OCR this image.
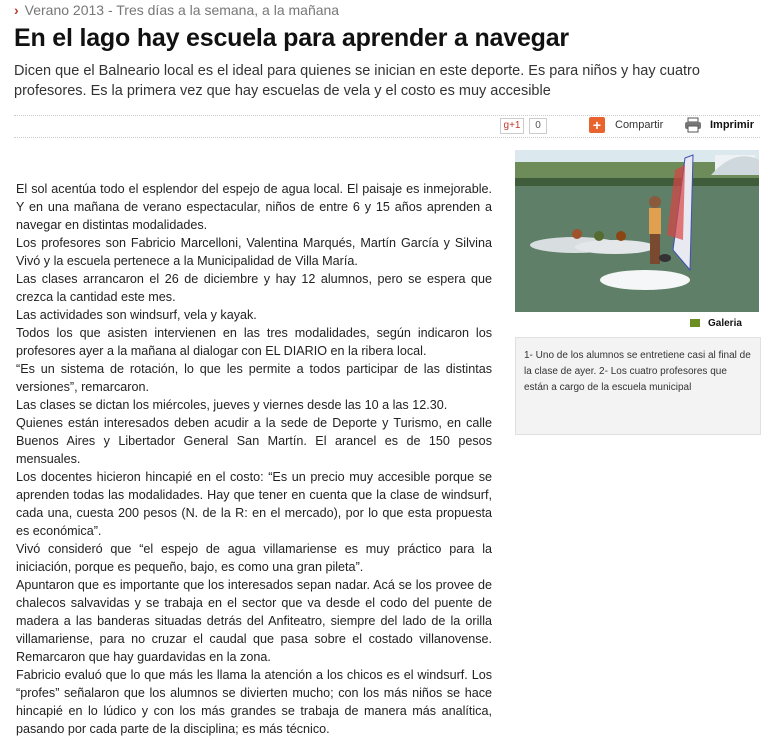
› Verano 2013 - Tres días a la semana, a la mañana
En el lago hay escuela para aprender a navegar
Dicen que el Balneario local es el ideal para quienes se inician en este deporte. Es para niños y hay cuatro profesores. Es la primera vez que hay escuelas de vela y el costo es muy accesible
g+1	0	+	Compartir	Imprimir

El sol acentúa todo el esplendor del espejo de agua local. El paisaje es inmejorable. Y en una mañana de verano espectacular, niños de entre 6 y 15 años aprenden a navegar en distintas modalidades.

Los profesores son Fabricio Marcelloni, Valentina Marqués, Martín García y Silvina Vivó y la escuela pertenece a la Municipalidad de Villa María.

Las clases arrancaron el 26 de diciembre y hay 12 alumnos, pero se espera que crezca la cantidad este mes.

Las actividades son windsurf, vela y kayak.

Todos los que asisten intervienen en las tres modalidades, según indicaron los profesores ayer a la mañana al dialogar con EL DIARIO en la ribera local.

“Es un sistema de rotación, lo que les permite a todos participar de las distintas versiones”, remarcaron.

Las clases se dictan los miércoles, jueves y viernes desde las 10 a las 12.30.

Quienes están interesados deben acudir a la sede de Deporte y Turismo, en calle Buenos Aires y Libertador General San Martín. El arancel es de 150 pesos mensuales.

Los docentes hicieron hincapié en el costo: “Es un precio muy accesible porque se aprenden todas las modalidades. Hay que tener en cuenta que la clase de windsurf, cada una, cuesta 200 pesos (N. de la R: en el mercado), por lo que esta propuesta es económica”.

Vivó consideró que “el espejo de agua villamariense es muy práctico para la iniciación, porque es pequeño, bajo, es como una gran pileta”.

Apuntaron que es importante que los interesados sepan nadar. Acá se los provee de chalecos salvavidas y se trabaja en el sector que va desde el codo del puente de madera a las banderas situadas detrás del Anfiteatro, siempre del lado de la orilla villamariense, para no cruzar el caudal que pasa sobre el costado villanovense. Remarcaron que hay guardavidas en la zona.

Fabricio evaluó que lo que más les llama la atención a los chicos es el windsurf. Los “profes” señalaron que los alumnos se divierten mucho; con los más niños se hace hincapié en lo lúdico y con los más grandes se trabaja de manera más analítica, pasando por cada parte de la disciplina; es más técnico.

Galeria
1- Uno de los alumnos se entretiene casi al final de la clase de ayer. 2- Los cuatro profesores que están a cargo de la escuela municipal
